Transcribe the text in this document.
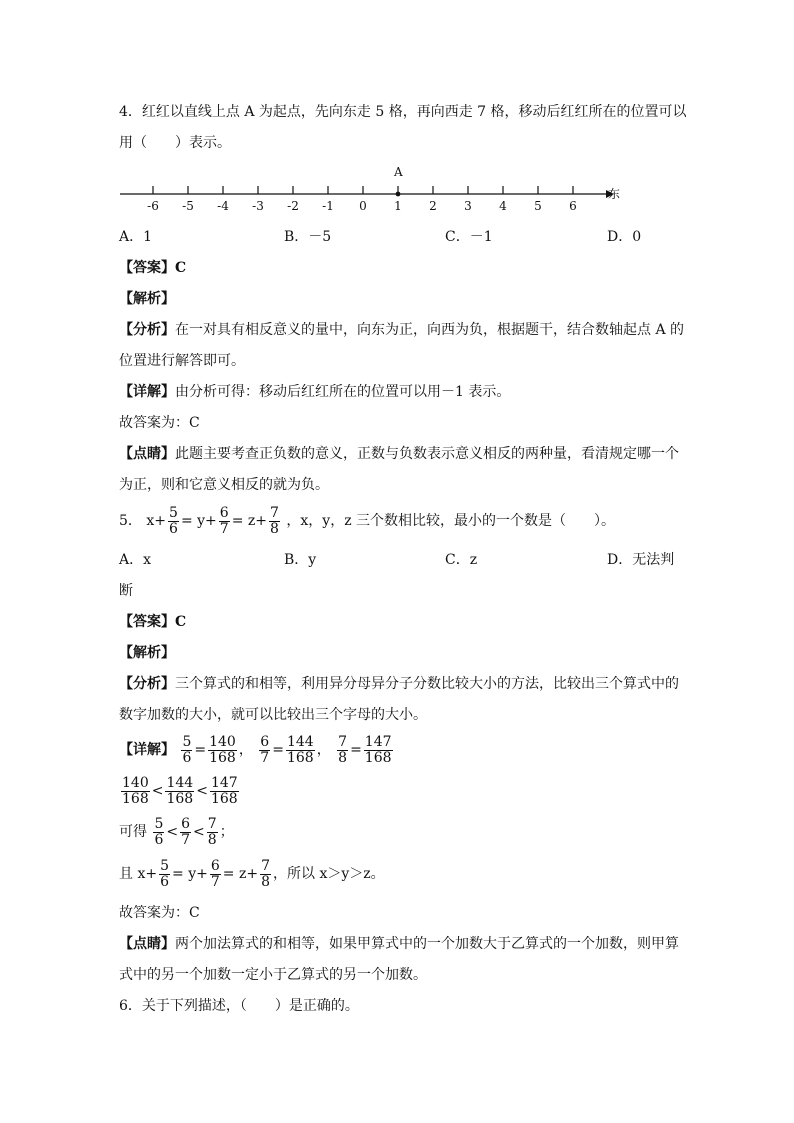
4．红红以直线上点 A 为起点，先向东走 5 格，再向西走 7 格，移动后红红所在的位置可以
用（　　）表示。
-6 -5 -4 -3 -2 -1 0 1 2 3 4 5 6
A
东
A．1	B．－5	C．－1	D．0
【答案】C
【解析】
【分析】在一对具有相反意义的量中，向东为正，向西为负，根据题干，结合数轴起点 A 的
位置进行解答即可。
【详解】由分析可得：移动后红红所在的位置可以用－1 表示。
故答案为：C
【点睛】此题主要考查正负数的意义，正数与负数表示意义相反的两种量，看清规定哪一个
为正，则和它意义相反的就为负。
5． $x+ \frac{5}{6} = y+ \frac{6}{7} = z+ \frac{7}{8}$ ，x，y，z 三个数相比较，最小的一个数是（　　）。
A．x	B．y	C．z	D．无法判
断
【答案】C
【解析】
【分析】三个算式的和相等，利用异分母异分子分数比较大小的方法，比较出三个算式中的
数字加数的大小，就可以比较出三个字母的大小。
【详解】 $\frac{5}{6} = \frac{140}{168}$ ， $\frac{6}{7} = \frac{144}{168}$ ， $\frac{7}{8} = \frac{147}{168}$
$\frac{140}{168} < \frac{144}{168} < \frac{147}{168}$
可得 $\frac{5}{6} < \frac{6}{7} < \frac{7}{8}$ ；
且 $x+ \frac{5}{6} = y+ \frac{6}{7} = z+ \frac{7}{8}$ ，所以 x＞y＞z。
故答案为：C
【点睛】两个加法算式的和相等，如果甲算式中的一个加数大于乙算式的一个加数，则甲算
式中的另一个加数一定小于乙算式的另一个加数。
6．关于下列描述，（　　）是正确的。
